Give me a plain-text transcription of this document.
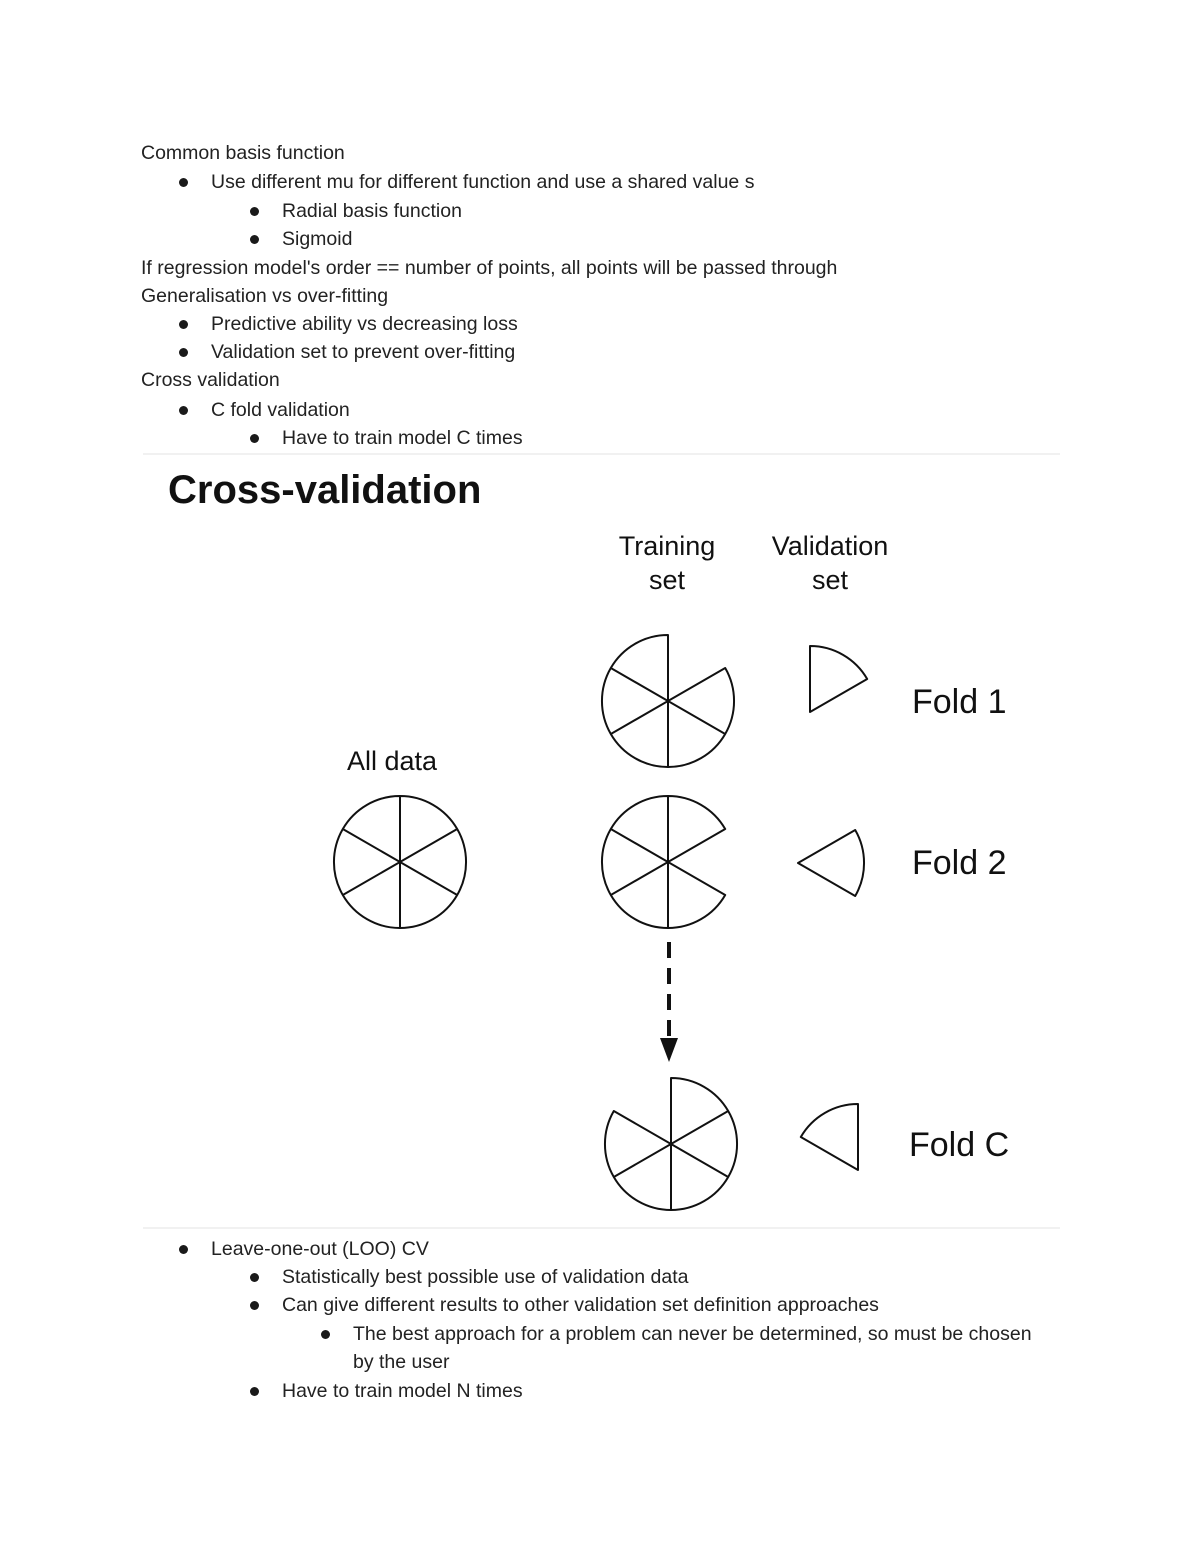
Common basis function
Use different mu for different function and use a shared value s
Radial basis function
Sigmoid
If regression model's order == number of points, all points will be passed through
Generalisation vs over-fitting
Predictive ability vs decreasing loss
Validation set to prevent over-fitting
Cross validation
C fold validation
Have to train model C times
Cross-validation
Training
set
Validation
set
All data
Fold 1
Fold 2
Fold C
Leave-one-out (LOO) CV
Statistically best possible use of validation data
Can give different results to other validation set definition approaches
The best approach for a problem can never be determined, so must be chosen by the user
Have to train model N times
